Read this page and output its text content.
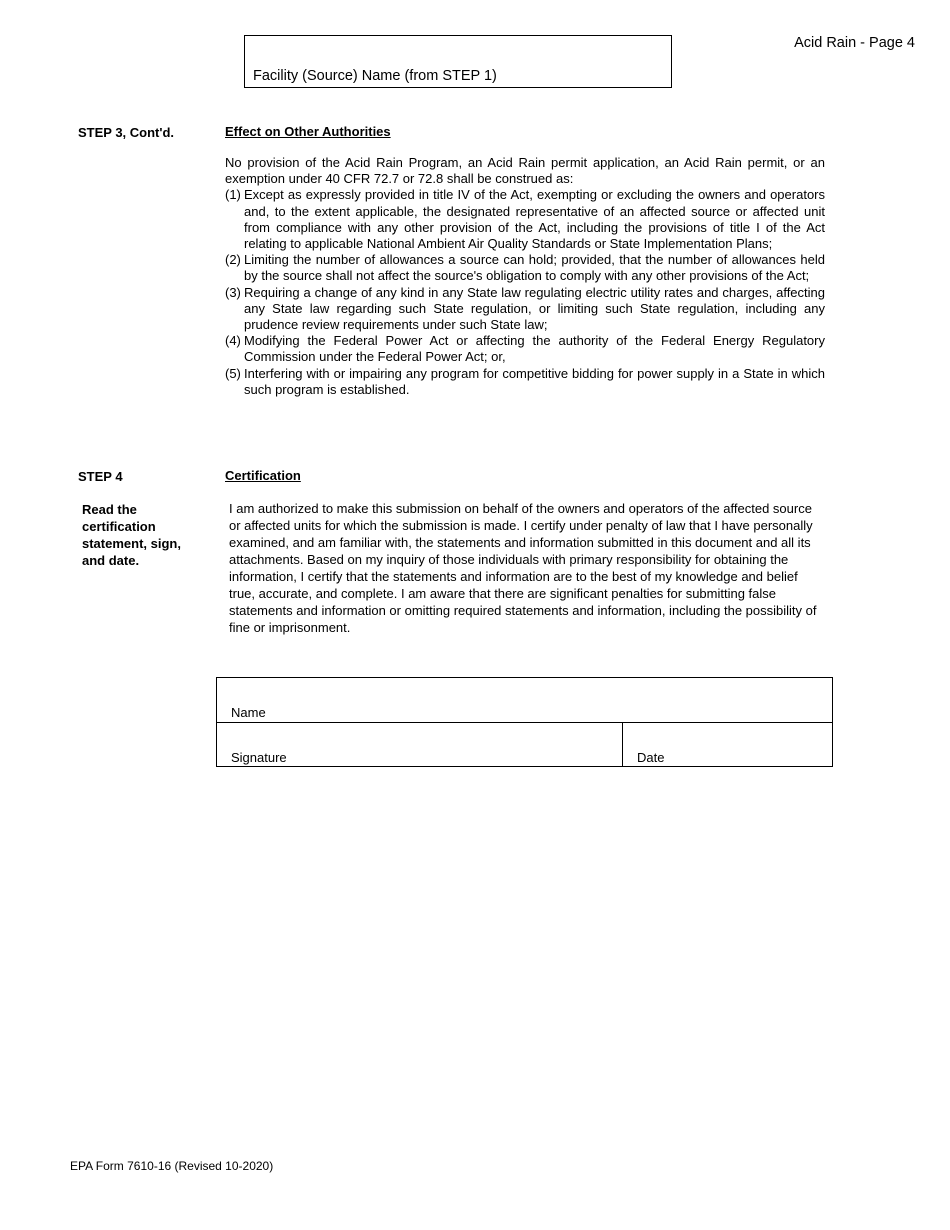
Facility (Source) Name (from STEP 1)
Acid Rain - Page 4
STEP 3, Cont'd.	Effect on Other Authorities
No provision of the Acid Rain Program, an Acid Rain permit application, an Acid Rain permit, or an exemption under 40 CFR 72.7 or 72.8 shall be construed as:
(1) Except as expressly provided in title IV of the Act, exempting or excluding the owners and operators and, to the extent applicable, the designated representative of an affected source or affected unit from compliance with any other provision of the Act, including the provisions of title I of the Act relating to applicable National Ambient Air Quality Standards or State Implementation Plans;
(2) Limiting the number of allowances a source can hold; provided, that the number of allowances held by the source shall not affect the source's obligation to comply with any other provisions of the Act;
(3) Requiring a change of any kind in any State law regulating electric utility rates and charges, affecting any State law regarding such State regulation, or limiting such State regulation, including any prudence review requirements under such State law;
(4) Modifying the Federal Power Act or affecting the authority of the Federal Energy Regulatory Commission under the Federal Power Act; or,
(5) Interfering with or impairing any program for competitive bidding for power supply in a State in which such program is established.
STEP 4	Certification
Read the certification statement, sign, and date.
I am authorized to make this submission on behalf of the owners and operators of the affected source or affected units for which the submission is made. I certify under penalty of law that I have personally examined, and am familiar with, the statements and information submitted in this document and all its attachments. Based on my inquiry of those individuals with primary responsibility for obtaining the information, I certify that the statements and information are to the best of my knowledge and belief true, accurate, and complete. I am aware that there are significant penalties for submitting false statements and information or omitting required statements and information, including the possibility of fine or imprisonment.
Name
Signature	Date
EPA Form 7610-16 (Revised 10-2020)
